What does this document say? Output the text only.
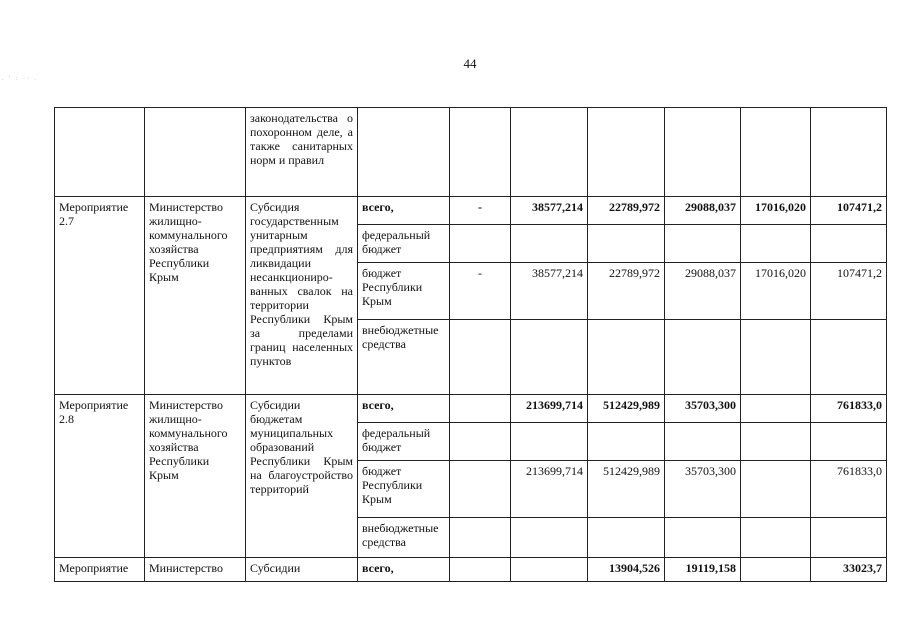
44
. ′ : ·· .
		законодательства о похоронном деле, а также санитарных норм и правил							
Мероприятие 2.7	Министерство жилищно-коммунального хозяйства Республики Крым	Субсидия государственным унитарным предприятиям для ликвидации несанкциониро-ванных свалок на территории Республики Крым за пределами границ населенных пунктов	всего,	-	38577,214	22789,972	29088,037	17016,020	107471,2
			федеральный бюджет						
			бюджет Республики Крым	-	38577,214	22789,972	29088,037	17016,020	107471,2
			внебюджетные средства						
Мероприятие 2.8	Министерство жилищно-коммунального хозяйства Республики Крым	Субсидии бюджетам муниципальных образований Республики Крым на благоустройство территорий	всего,		213699,714	512429,989	35703,300		761833,0
			федеральный бюджет						
			бюджет Республики Крым		213699,714	512429,989	35703,300		761833,0
			внебюджетные средства						
Мероприятие	Министерство	Субсидии	всего,			13904,526	19119,158		33023,7
